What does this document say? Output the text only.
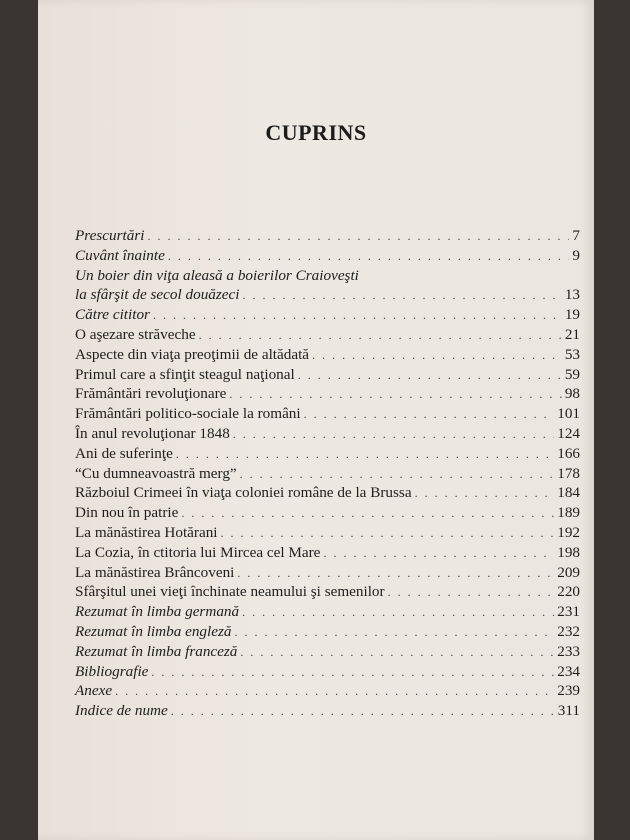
CUPRINS
Prescurtări . . .	7
Cuvânt înainte . . .	9
Un boier din viţa aleasă a boierilor Craioveşti
la sfârşit de secol douăzeci . . .	13
Către cititor . . .	19
O aşezare străveche . . .	21
Aspecte din viaţa preoţimii de altădată . . .	53
Primul care a sfinţit steagul naţional . . .	59
Frământări revoluţionare . . .	98
Frământări politico-sociale la români . . .	101
În anul revoluţionar 1848 . . .	124
Ani de suferinţe . . .	166
“Cu dumneavoastră merg” . . .	178
Războiul Crimeei în viaţa coloniei române de la Brussa . . .	184
Din nou în patrie . . .	189
La mănăstirea Hotărani . . .	192
La Cozia, în ctitoria lui Mircea cel Mare . . .	198
La mănăstirea Brâncoveni . . .	209
Sfârşitul unei vieţi închinate neamului şi semenilor . . .	220
Rezumat în limba germană . . .	231
Rezumat în limba engleză . . .	232
Rezumat în limba franceză . . .	233
Bibliografie . . .	234
Anexe . . .	239
Indice de nume . . .	311
